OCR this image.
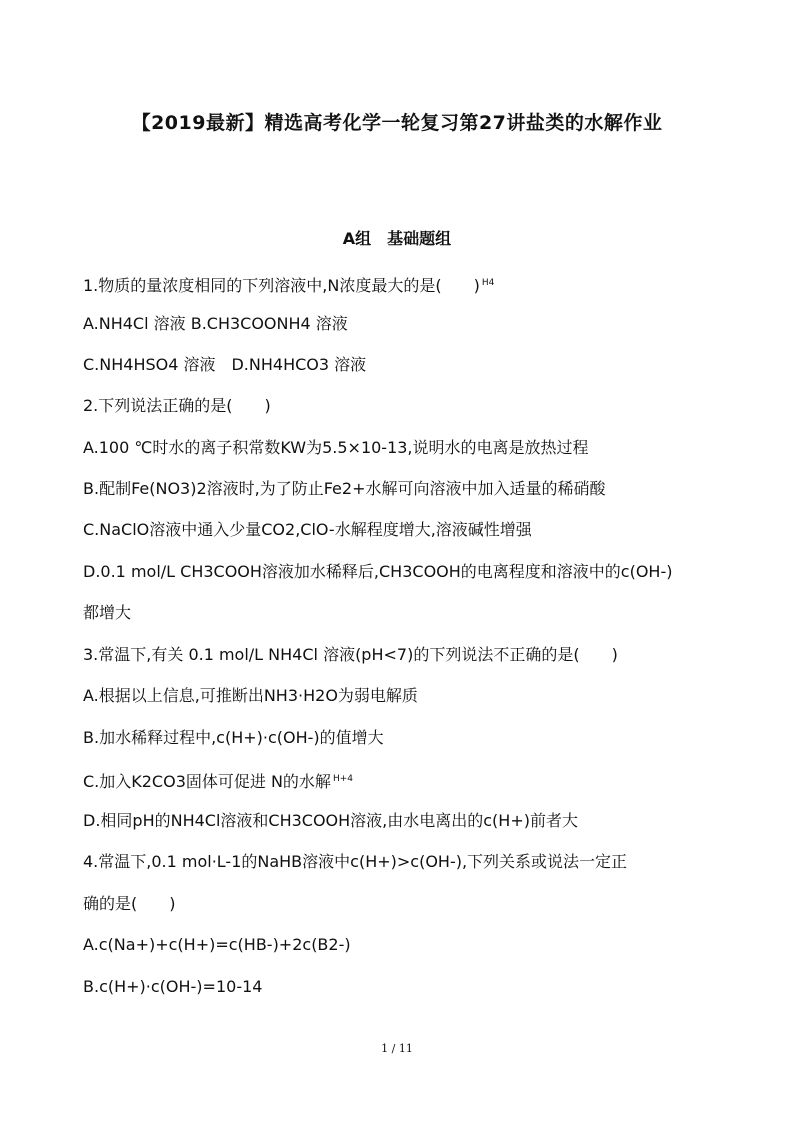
【2019最新】精选高考化学一轮复习第27讲盐类的水解作业
A组　基础题组
1.物质的量浓度相同的下列溶液中,N浓度最大的是(　　) $^{H4}$
A.NH4Cl 溶液 B.CH3COONH4 溶液
C.NH4HSO4 溶液　D.NH4HCO3 溶液
2.下列说法正确的是(　　)
A.100 ℃时水的离子积常数KW为5.5×10-13,说明水的电离是放热过程
B.配制Fe(NO3)2溶液时,为了防止Fe2+水解可向溶液中加入适量的稀硝酸
C.NaClO溶液中通入少量CO2,ClO-水解程度增大,溶液碱性增强
D.0.1 mol/L CH3COOH溶液加水稀释后,CH3COOH的电离程度和溶液中的c(OH-)
都增大
3.常温下,有关 0.1 mol/L NH4Cl 溶液(pH<7)的下列说法不正确的是(　　)
A.根据以上信息,可推断出NH3·H2O为弱电解质
B.加水稀释过程中,c(H+)·c(OH-)的值增大
C.加入K2CO3固体可促进 N的水解 $^{H+4}$
D.相同pH的NH4Cl溶液和CH3COOH溶液,由水电离出的c(H+)前者大
4.常温下,0.1 mol·L-1的NaHB溶液中c(H+)>c(OH-),下列关系或说法一定正
确的是(　　)
A.c(Na+)+c(H+)=c(HB-)+2c(B2-)
B.c(H+)·c(OH-)=10-14
1 / 11
